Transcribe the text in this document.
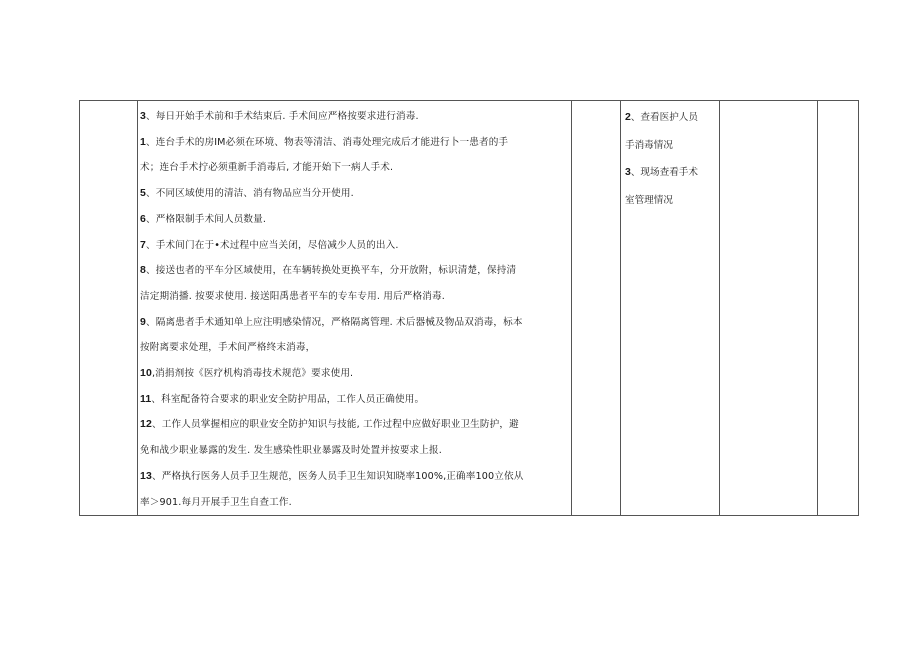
3、每日开始手术前和手术结束后. 手术间应严格按要求进行消毒.
1、连台手术的房IM必须在环境、物表等清洁、消毒处理完成后才能进行卜一患者的手
术；连台手术拧必须重新手消毒后, 才能开始下一病人手术.
5、不同区域使用的清洁、消有物品应当分开使用.
6、严格限制手术间人员数量.
7、手术间门在于•术过程中应当关闭，尽倍减少人员的出入.
8、接送也者的平车分区域使用，在车辆转换处更换平车，分开放附，标识清楚，保持清
洁定期消播. 按要求使用. 接送阳禹患者平车的专车专用. 用后严格消毒.
9、隔离患者手术通知单上应注明感染情况，严格隔离管理. 术后器械及物品双消毒，标本
按附离要求处理，手术间严格终末消毒，
10,消捐剂按《医疗机构消毒技术规范》要求使用.
11、科室配备符合要求的职业安全防护用品，工作人员正确使用。
12、工作人员掌握相应的职业安全防护知识与技能, 工作过程中应做好职业卫生防护，避
免和战少职业暴露的发生. 发生感染性职业暴露及时处置并按要求上报.
13、严格执行医务人员手卫生规范，医务人员手卫生知识知晓率100%,正确率100立依从
率＞901.每月开展手卫生自查工作.

2、查看医护人员
手消毒情况
3、现场查看手术
室管理情况
